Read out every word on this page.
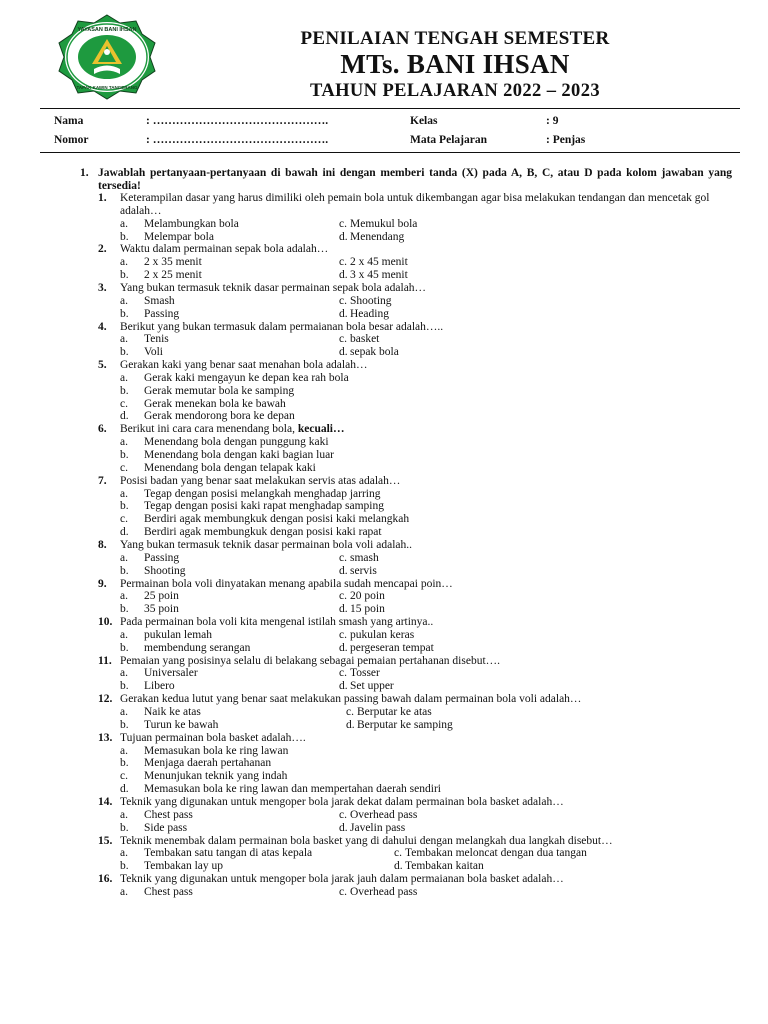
YAYASAN BANI IHSAN
TAPAK KAWIN TANGERANG
PENILAIAN TENGAH SEMESTER
MTs. BANI IHSAN
TAHUN PELAJARAN 2022 – 2023
Nama	: ……………………………………….	Kelas	: 9
Nomor	: ……………………………………….	Mata Pelajaran	: Penjas
1. Jawablah pertanyaan-pertanyaan di bawah ini dengan memberi tanda (X) pada A, B, C, atau D pada kolom jawaban yang tersedia!
1. Keterampilan dasar yang harus dimiliki oleh pemain bola untuk dikembangan agar bisa melakukan tendangan dan mencetak gol adalah…
a. Melambungkan bola	c. Memukul bola
b. Melempar bola	d. Menendang
2. Waktu dalam permainan sepak bola adalah…
a. 2 x 35 menit	c. 2 x 45 menit
b. 2 x 25 menit	d. 3 x 45 menit
3. Yang bukan termasuk teknik dasar permainan sepak bola adalah…
a. Smash	c. Shooting
b. Passing	d. Heading
4. Berikut yang bukan termasuk dalam permaianan bola besar adalah…..
a. Tenis	c. basket
b. Voli	d. sepak bola
5. Gerakan kaki yang benar saat menahan bola adalah…
a. Gerak kaki mengayun ke depan kea rah bola
b. Gerak memutar bola ke samping
c. Gerak menekan bola ke bawah
d. Gerak mendorong bora ke depan
6. Berikut ini cara cara menendang bola, kecuali…
a. Menendang bola dengan punggung kaki
b. Menendang bola dengan kaki bagian luar
c. Menendang bola dengan telapak kaki
7. Posisi badan yang benar saat melakukan servis atas adalah…
a. Tegap dengan posisi melangkah menghadap jarring
b. Tegap dengan posisi kaki rapat menghadap samping
c. Berdiri agak membungkuk dengan posisi kaki melangkah
d. Berdiri agak membungkuk dengan posisi kaki rapat
8. Yang bukan termasuk teknik dasar permainan bola voli adalah..
a. Passing	c. smash
b. Shooting	d. servis
9. Permainan bola voli dinyatakan menang apabila sudah mencapai poin…
a. 25 poin	c. 20 poin
b. 35 poin	d. 15 poin
10. Pada permainan bola voli kita mengenal istilah smash yang artinya..
a. pukulan lemah	c. pukulan keras
b. membendung serangan	d. pergeseran tempat
11. Pemaian yang posisinya selalu di belakang sebagai pemaian pertahanan disebut….
a. Universaler	c. Tosser
b. Libero	d. Set upper
12. Gerakan kedua lutut yang benar saat melakukan passing bawah dalam permainan bola voli adalah…
a. Naik ke atas	c. Berputar ke atas
b. Turun ke bawah	d. Berputar ke samping
13. Tujuan permainan bola basket adalah….
a. Memasukan bola ke ring lawan
b. Menjaga daerah pertahanan
c. Menunjukan teknik yang indah
d. Memasukan bola ke ring lawan dan mempertahan daerah sendiri
14. Teknik yang digunakan untuk mengoper bola jarak dekat dalam permainan bola basket adalah…
a. Chest pass	c. Overhead pass
b. Side pass	d. Javelin pass
15. Teknik menembak dalam permainan bola basket yang di dahului dengan melangkah dua langkah disebut…
a. Tembakan satu tangan di atas kepala	c. Tembakan meloncat dengan dua tangan
b. Tembakan lay up	d. Tembakan kaitan
16. Teknik yang digunakan untuk mengoper bola jarak jauh dalam permaianan bola basket adalah…
a. Chest pass	c. Overhead pass
